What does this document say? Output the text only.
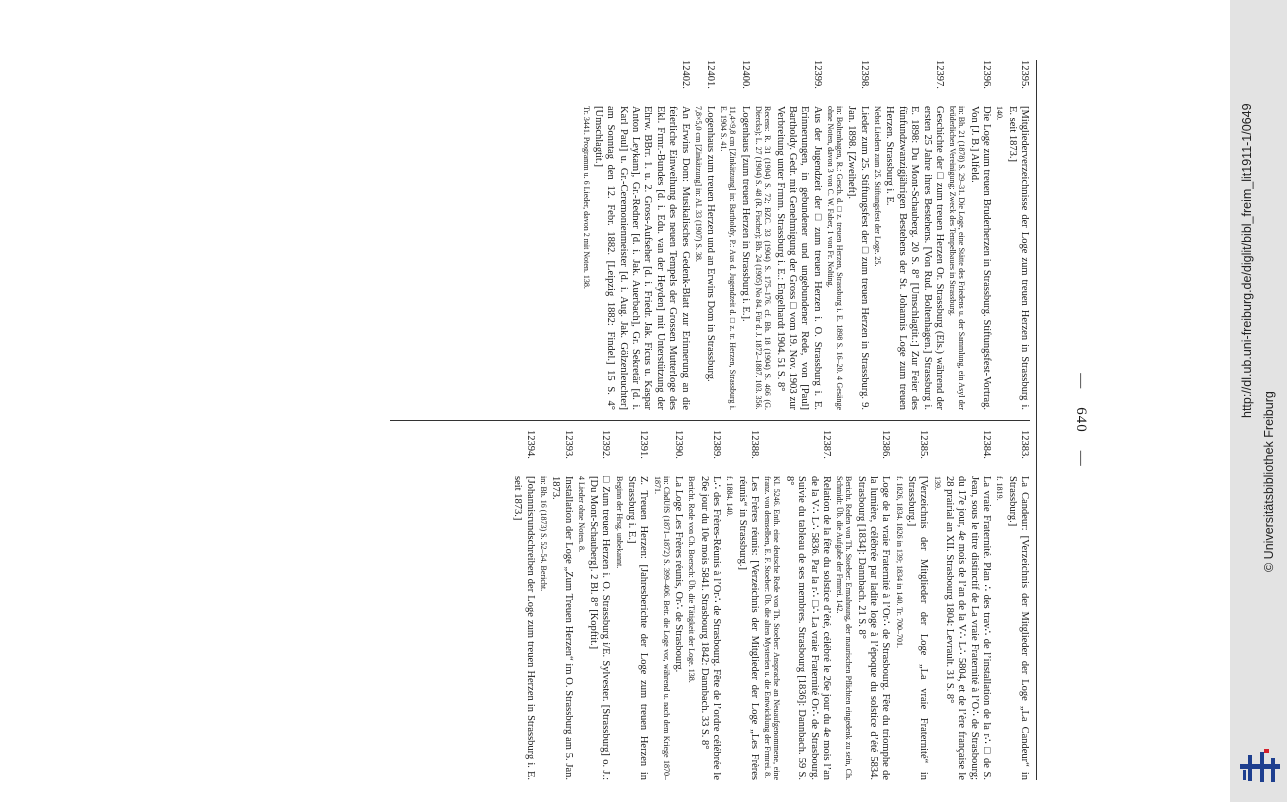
—
640
—
12395.
[Mitgliederverzeichnisse der Loge zum treuen Herzen in Strassburg i. E. seit 1873.]
140.
12396.
Die Loge zum treuen Bruderherzen in Strassburg. Stiftungsfest-Vortrag. Von [J. B.] Alfeld.
in: Bh. 21 (1878) S. 29–31. Die Loge, eine Stätte des Friedens u. der Sammlung, ein Asyl der brüderlichen Vereinigung; Zweck des Tempelbaues in Strassburg.
12397.
Geschichte der □ zum treuen Herzen Or. Strassburg (Els.) während der ersten 25 Jahre ihres Bestehens. [Von Rud. Boltenhagen.] Strassburg i. E. 1898: Du Mont-Schauberg. 20 S. 8° [Umschlagtit.:] Zur Feier des fünfundzwanzigjährigen Bestehens der St. Johannis Loge zum treuen Herzen. Strassburg i. E.
Nebst Liedern zum 25. Stiftungsfest der Loge. 25.
12398.
Lieder zum 25. Stiftungsfest der □ zum treuen Herzen in Strassburg. 9. Jan. 1898. [Zweiheft].
in: Boltenhagen, R.: Gesch. d. □ z. treuen Herzen, Strassburg i. E. 1898 S. 16–20. 4 Gesänge ohne Noten, davon 3 von C. W. Faber, 1 von Fr. Nolting.
12399.
Aus der Jugendzeit der □ zum treuen Herzen i. O. Strassburg i. E. Erinnerungen, in gebundener und ungebundener Rede, von [Paul] Bartholdy. Gedr. mit Genehmigung der Gross □ vom 19. Nov. 1903 zur Verbreitung unter Frmm. Strassburg i. E.: Engelhardt 1904. 51 S. 8°
Recens: R. 31 (1904) S. 72; BZC. 33 (1904) S. 175–176. cf. Bh. 18 (1904) S. 466 (G. Diercks); L. 27 (1904) S. 48 (R. Fischer); Bh. 24 (1905) No 84. Für d. J. 1872–1887. 103. 356.
12400.
Logenhaus [zum treuen Herzen in Strassburg i. E.].
11,4×9,8 cm [Zinkätzung] in: Bartholdy, P.: Aus d. Jugendzeit d. □ z. tr. Herzen, Strassburg i. E. 1904 S. 41.
12401.
Logenhaus zum treuen Herzen und an Erwins Dom in Strassburg.
7,8×5,0 cm [Zinkätzung] in: Al. 33 (1907) S. 38.
12402.
An Erwins Dom: Musikalisches Gedenk-Blatt zur Erinnerung an die feierliche Einweihung des neuen Tempels der Grossen Mutterloge des Ekl. Frmr.-Bundes [d. i. Edu. van der Heyden] mit Unterstützung der Ehrw. BBrr. 1. u. 2. Gross-Aufseher [d. i. Friedr. Jak. Ficus u. Kaspar Anton Leykam], Gr.-Redner [d. i. Jak. Auerbach], Gr. Sekretär [d. i. Karl Paul] u. Gr.-Ceremonienmeister [d. i. Aug. Jak. Gölzenleuchter] am Sonntag den 12. Febr. 1882. [Leipzig 1882: Findel.] 15 S. 4° [Umschlagtit.]
Tr. 3441. Programm u. 6 Lieder, davon 2 mit Noten. 138.
12383.
La Candeur: [Verzeichnis der Mitglieder der Loge „La Candeur“ in Strassburg.]
f. 1819.
12384.
La vraie Fraternité. Plan ∴ des trav∴ de l’installation de la r∴ □ de S. Jean, sous le titre distinctif de La vraie Fraternité à l’O∴ de Strasbourg; du 17e jour, 4e mois de l’an de la V∴ L∴ 5804, et de l’ère française le 28 prairial an XII. Strasbourg 1804: Levrault. 31 S. 8°
139.
12385.
[Verzeichnis der Mitglieder der Loge „La vraie Fraternité“ in Strassburg.]
f. 1826, 1834. 1826 in 139; 1834 in 140. Tr. 700–701.
12386.
Loge de la vraie Fraternité à l’Or∴ de Strasbourg. Fête du triomphe de la lumière, célébrée par ladite loge à l’époque du solstice d’été 5834. Strasbourg [1834]: Dannbach. 21 S. 8°
Bericht. Reden von Th. Stoeber: Ermahnung, der maurischen Pflichten eingedenk zu sein, Ch. Schmidt: Üb. die Aufgabe der Frmrei. 142.
12387.
Relation de la fête du solstice d’été, célébré le 26e jour du 4e mois l’an de la V∴ L∴ 5836. Par la r∴ □∴ La vraie Fraternité Or∴ de Strasbourg. Suivie du tableau de ses membres. Strasbourg [1836]: Dannbach. 59 S. 8°
Kl. 5246. Enth. eine deutsche Rede von Th. Stoeber: Ansprache an Neuaufgenommene, eine franz. von demselben, E. F. Stoeber: Üb. die alten Mysterien u. die Entwicklung der Frmrei. 8.
12388.
Les Frères réunis: [Verzeichnis der Mitglieder der Loge „Les Frères réunis“ in Strassburg.]
f. 1884. 140.
12389.
L∴ des Frères-Réunis à l’Or∴ de Strasbourg. Fête de l’ordre célébrée le 26e jour du 10e mois 5841. Strasbourg 1842: Dannbach. 33 S. 8°
Bericht. Rede von Ch. Boersch: Üb. die Tätigkeit der Loge. 138.
12390.
La Loge Les Frères réunis, Or∴ de Strasbourg.
in: ChdUfS (1871–1872) S. 399–406. Betr. die Loge vor, während u. nach dem Kriege 1870–1871.
12391.
Z. Treuen Herzen: [Jahresberichte der Loge zum treuen Herzen in Strassburg i. E.]
Beginn der Hrsg. unbekannt.
12392.
□ Zum treuen Herzen i. O. Strassburg i/E. Sylvester. [Strassburg] o. J.: [Du Mont-Schauberg]. 2 Bl. 8° [Kopftit.]
4 Lieder ohne Noten. 8.
12393.
Installation der Loge „Zum Treuen Herzen“ im O. Strassburg am 5. Jan. 1873.
in: Bh. 16 (1873) S. 52–54. Bericht.
12394.
[Johannisrundschreiben der Loge zum treuen Herzen in Strassburg i. E. seit 1873.]
http://dl.ub.uni-freiburg.de/diglit/bibl_freim_lit1911-1/0649
© Universitätsbibliothek Freiburg
